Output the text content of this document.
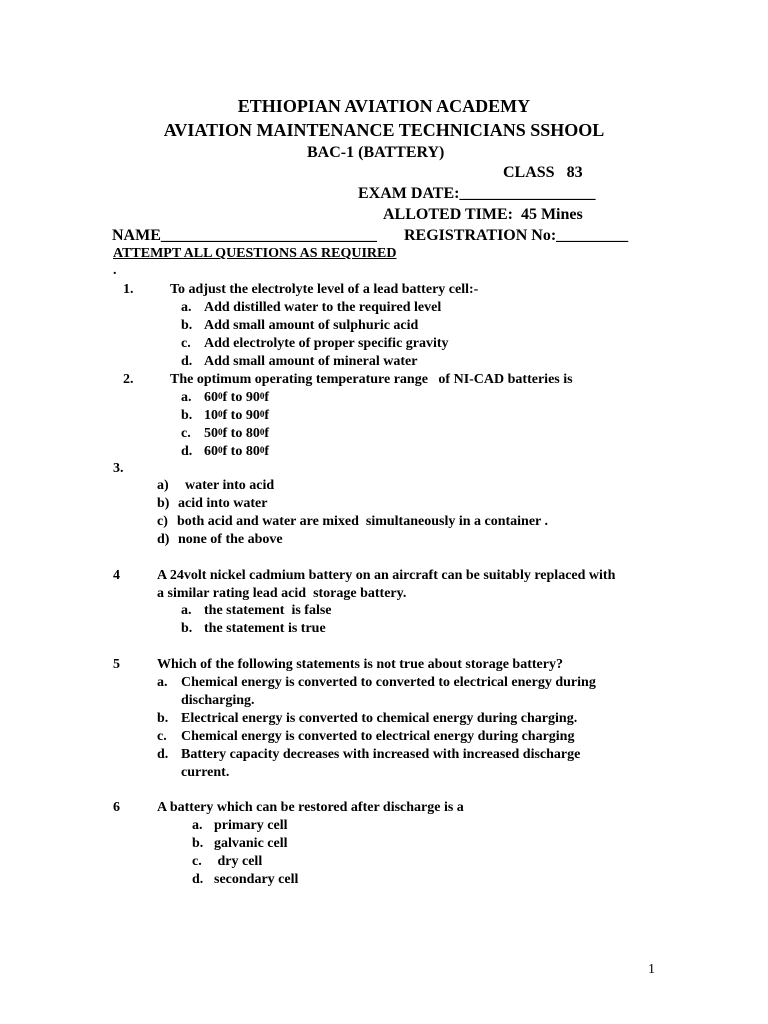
ETHIOPIAN AVIATION ACADEMY
AVIATION MAINTENANCE TECHNICIANS SSHOOL
BAC-1 (BATTERY)
CLASS   83
EXAM DATE:_________________
ALLOTED TIME:  45 Mines
NAME___________________________ REGISTRATION No:_________
ATTEMPT ALL QUESTIONS AS REQUIRED
.
1.	To adjust the electrolyte level of a lead battery cell:-
a. Add distilled water to the required level
b. Add small amount of sulphuric acid
c. Add electrolyte of proper specific gravity
d. Add small amount of mineral water
2.	The optimum operating temperature range   of NI-CAD batteries is
a. $60^0f$ to $90^0f$
b. $10^0f$ to $90^0f$
c. $50^0f$ to $80^0f$
d. $60^0f$ to $80^0f$
3.
a) water into acid
b) acid into water
c) both acid and water are mixed  simultaneously in a container .
d) none of the above
4	A 24volt nickel cadmium battery on an aircraft can be suitably replaced with
a similar rating lead acid  storage battery.
a. the statement  is false
b. the statement is true
5	Which of the following statements is not true about storage battery?
a. Chemical energy is converted to converted to electrical energy during
discharging.
b. Electrical energy is converted to chemical energy during charging.
c. Chemical energy is converted to electrical energy during charging
d. Battery capacity decreases with increased with increased discharge
current.
6	A battery which can be restored after discharge is a
a. primary cell
b. galvanic cell
c. dry cell
d. secondary cell
1
